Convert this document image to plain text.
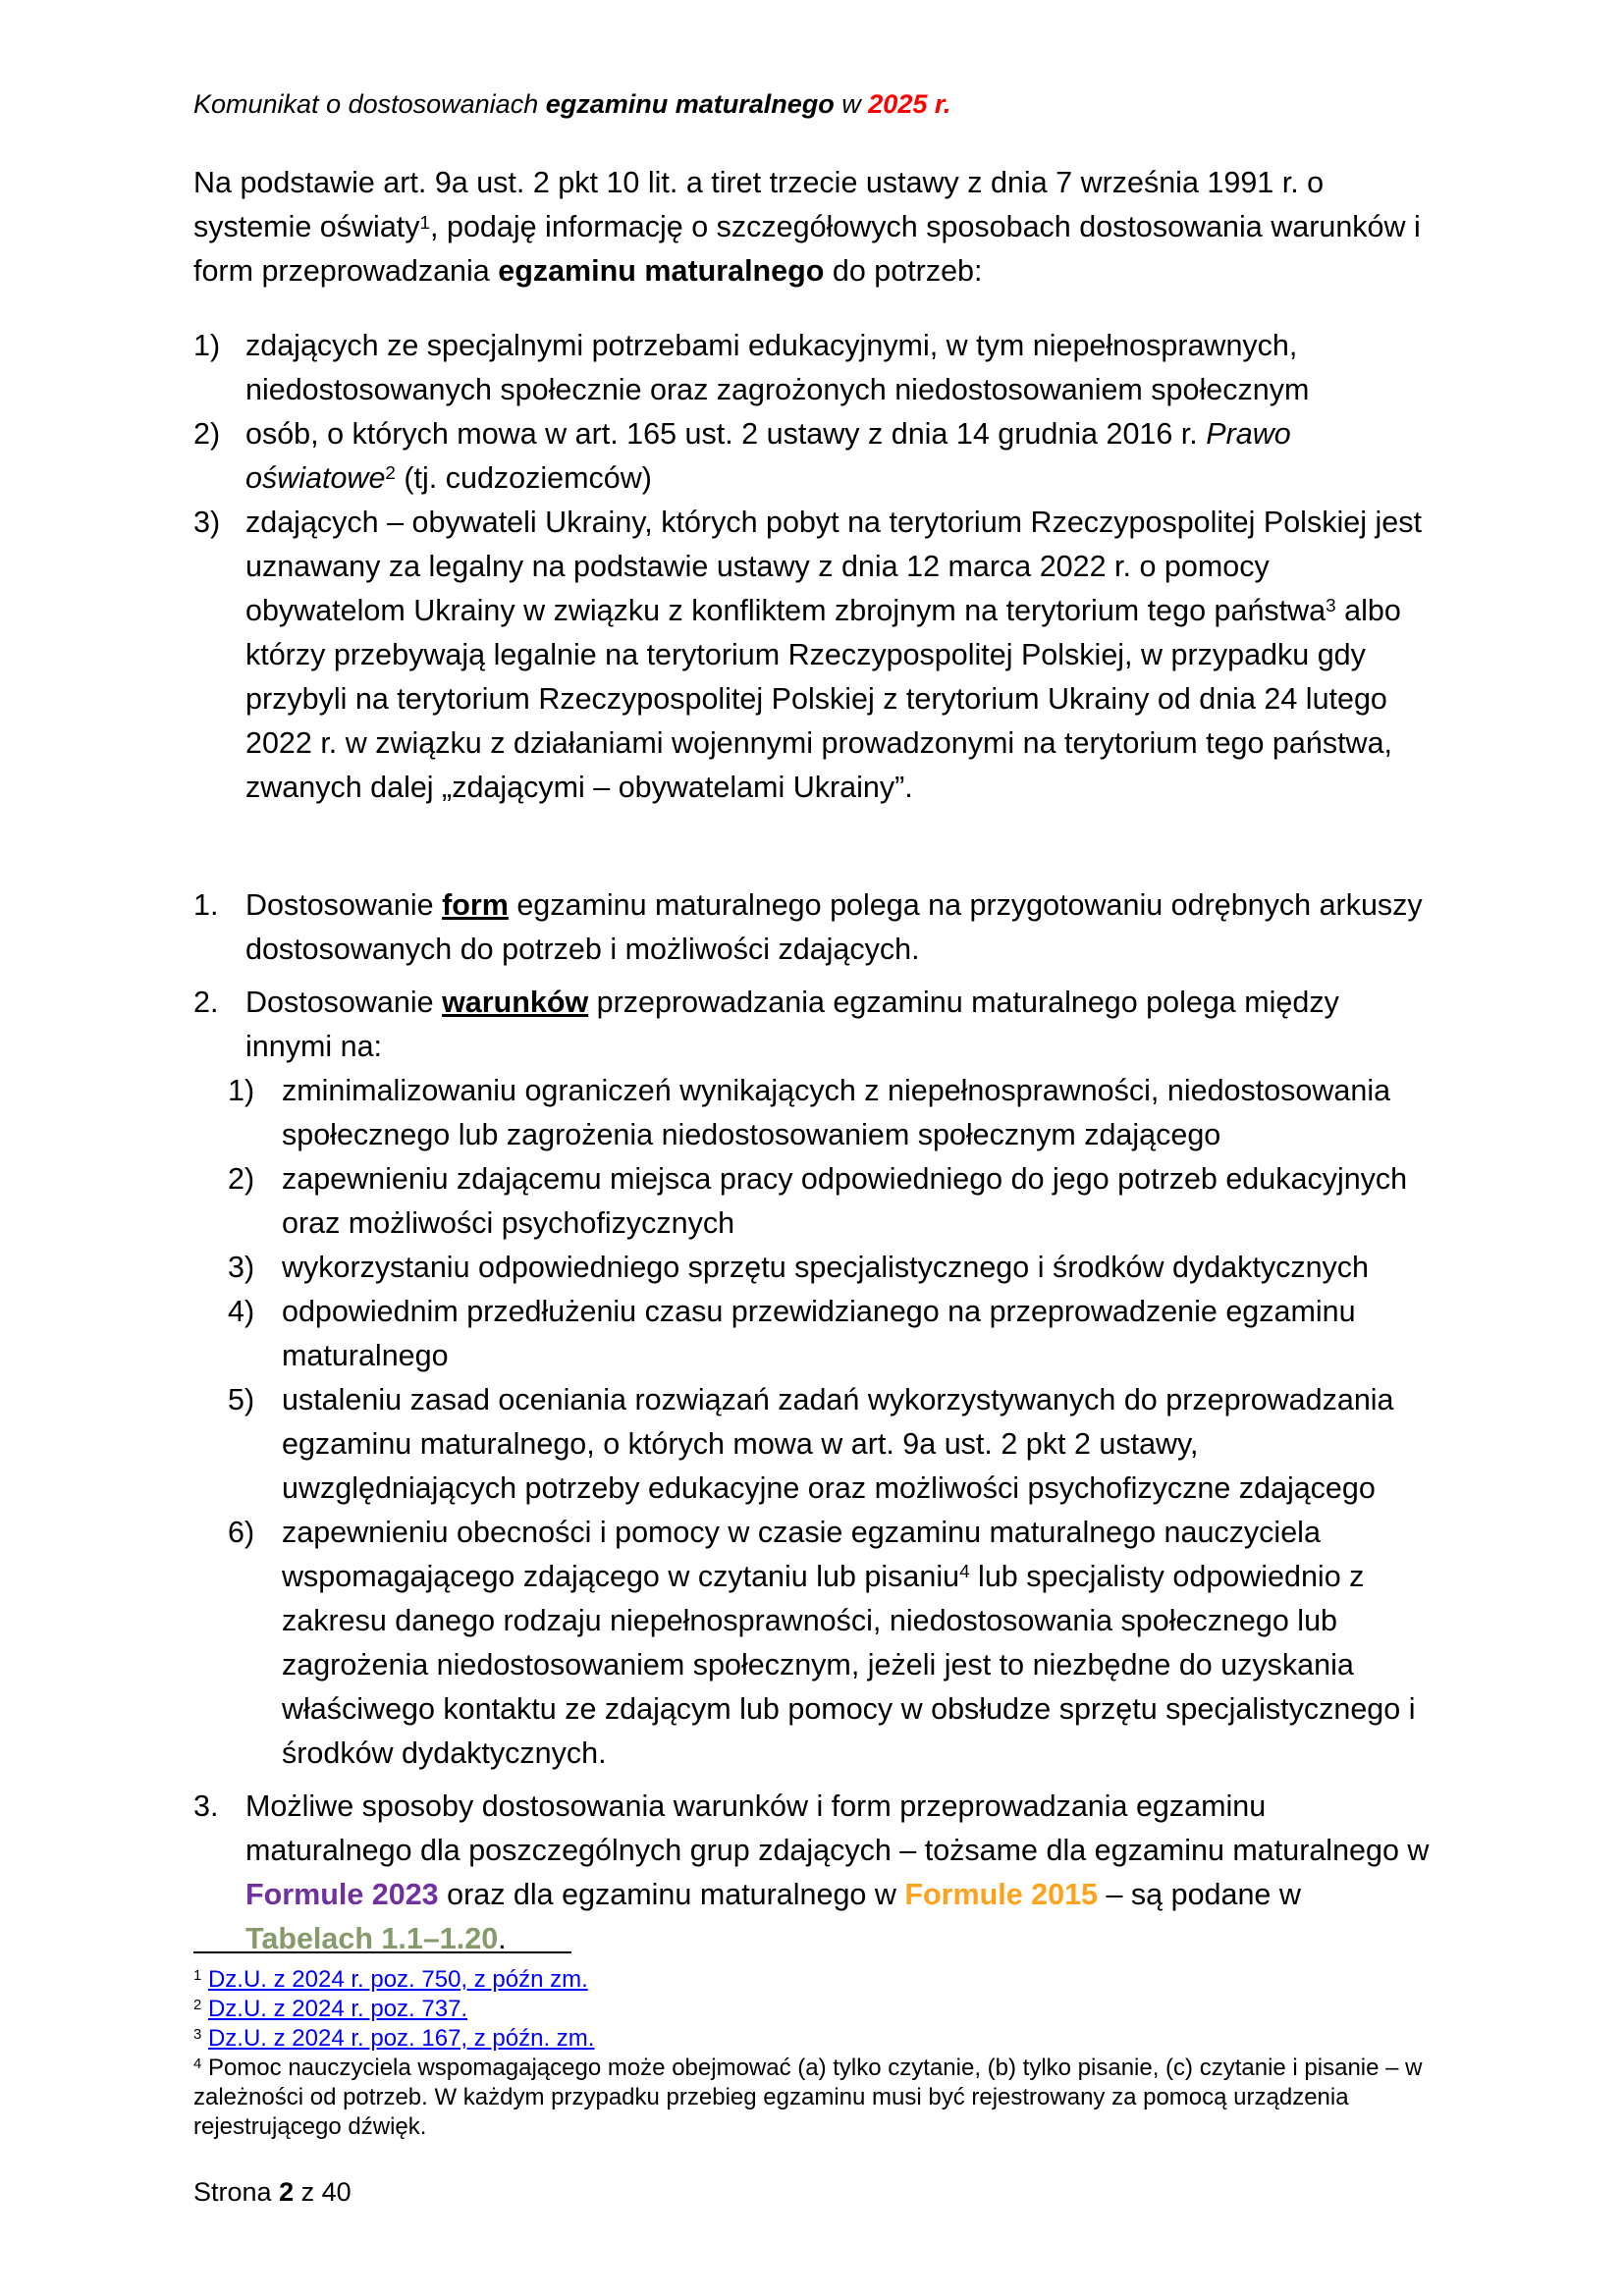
Komunikat o dostosowaniach egzaminu maturalnego w 2025 r.

Na podstawie art. 9a ust. 2 pkt 10 lit. a tiret trzecie ustawy z dnia 7 września 1991 r. o systemie oświaty$^1$, podaję informację o szczegółowych sposobach dostosowania warunków i form przeprowadzania egzaminu maturalnego do potrzeb:

1) zdających ze specjalnymi potrzebami edukacyjnymi, w tym niepełnosprawnych, niedostosowanych społecznie oraz zagrożonych niedostosowaniem społecznym
2) osób, o których mowa w art. 165 ust. 2 ustawy z dnia 14 grudnia 2016 r. Prawo oświatowe$^2$ (tj. cudzoziemców)
3) zdających – obywateli Ukrainy, których pobyt na terytorium Rzeczypospolitej Polskiej jest uznawany za legalny na podstawie ustawy z dnia 12 marca 2022 r. o pomocy obywatelom Ukrainy w związku z konfliktem zbrojnym na terytorium tego państwa$^3$ albo którzy przebywają legalnie na terytorium Rzeczypospolitej Polskiej, w przypadku gdy przybyli na terytorium Rzeczypospolitej Polskiej z terytorium Ukrainy od dnia 24 lutego 2022 r. w związku z działaniami wojennymi prowadzonymi na terytorium tego państwa, zwanych dalej „zdającymi – obywatelami Ukrainy”.
1. Dostosowanie form egzaminu maturalnego polega na przygotowaniu odrębnych arkuszy dostosowanych do potrzeb i możliwości zdających.
2. Dostosowanie warunków przeprowadzania egzaminu maturalnego polega między innymi na:
1) zminimalizowaniu ograniczeń wynikających z niepełnosprawności, niedostosowania społecznego lub zagrożenia niedostosowaniem społecznym zdającego
2) zapewnieniu zdającemu miejsca pracy odpowiedniego do jego potrzeb edukacyjnych oraz możliwości psychofizycznych
3) wykorzystaniu odpowiedniego sprzętu specjalistycznego i środków dydaktycznych
4) odpowiednim przedłużeniu czasu przewidzianego na przeprowadzenie egzaminu maturalnego
5) ustaleniu zasad oceniania rozwiązań zadań wykorzystywanych do przeprowadzania egzaminu maturalnego, o których mowa w art. 9a ust. 2 pkt 2 ustawy, uwzględniających potrzeby edukacyjne oraz możliwości psychofizyczne zdającego
6) zapewnieniu obecności i pomocy w czasie egzaminu maturalnego nauczyciela wspomagającego zdającego w czytaniu lub pisaniu$^4$ lub specjalisty odpowiednio z zakresu danego rodzaju niepełnosprawności, niedostosowania społecznego lub zagrożenia niedostosowaniem społecznym, jeżeli jest to niezbędne do uzyskania właściwego kontaktu ze zdającym lub pomocy w obsłudze sprzętu specjalistycznego i środków dydaktycznych.
3. Możliwe sposoby dostosowania warunków i form przeprowadzania egzaminu maturalnego dla poszczególnych grup zdających – tożsame dla egzaminu maturalnego w Formule 2023 oraz dla egzaminu maturalnego w Formule 2015 – są podane w Tabelach 1.1–1.20.
$^1$ Dz.U. z 2024 r. poz. 750, z późn zm.
$^2$ Dz.U. z 2024 r. poz. 737.
$^3$ Dz.U. z 2024 r. poz. 167, z późn. zm.
$^4$ Pomoc nauczyciela wspomagającego może obejmować (a) tylko czytanie, (b) tylko pisanie, (c) czytanie i pisanie – w zależności od potrzeb. W każdym przypadku przebieg egzaminu musi być rejestrowany za pomocą urządzenia rejestrującego dźwięk.
Strona 2 z 40
